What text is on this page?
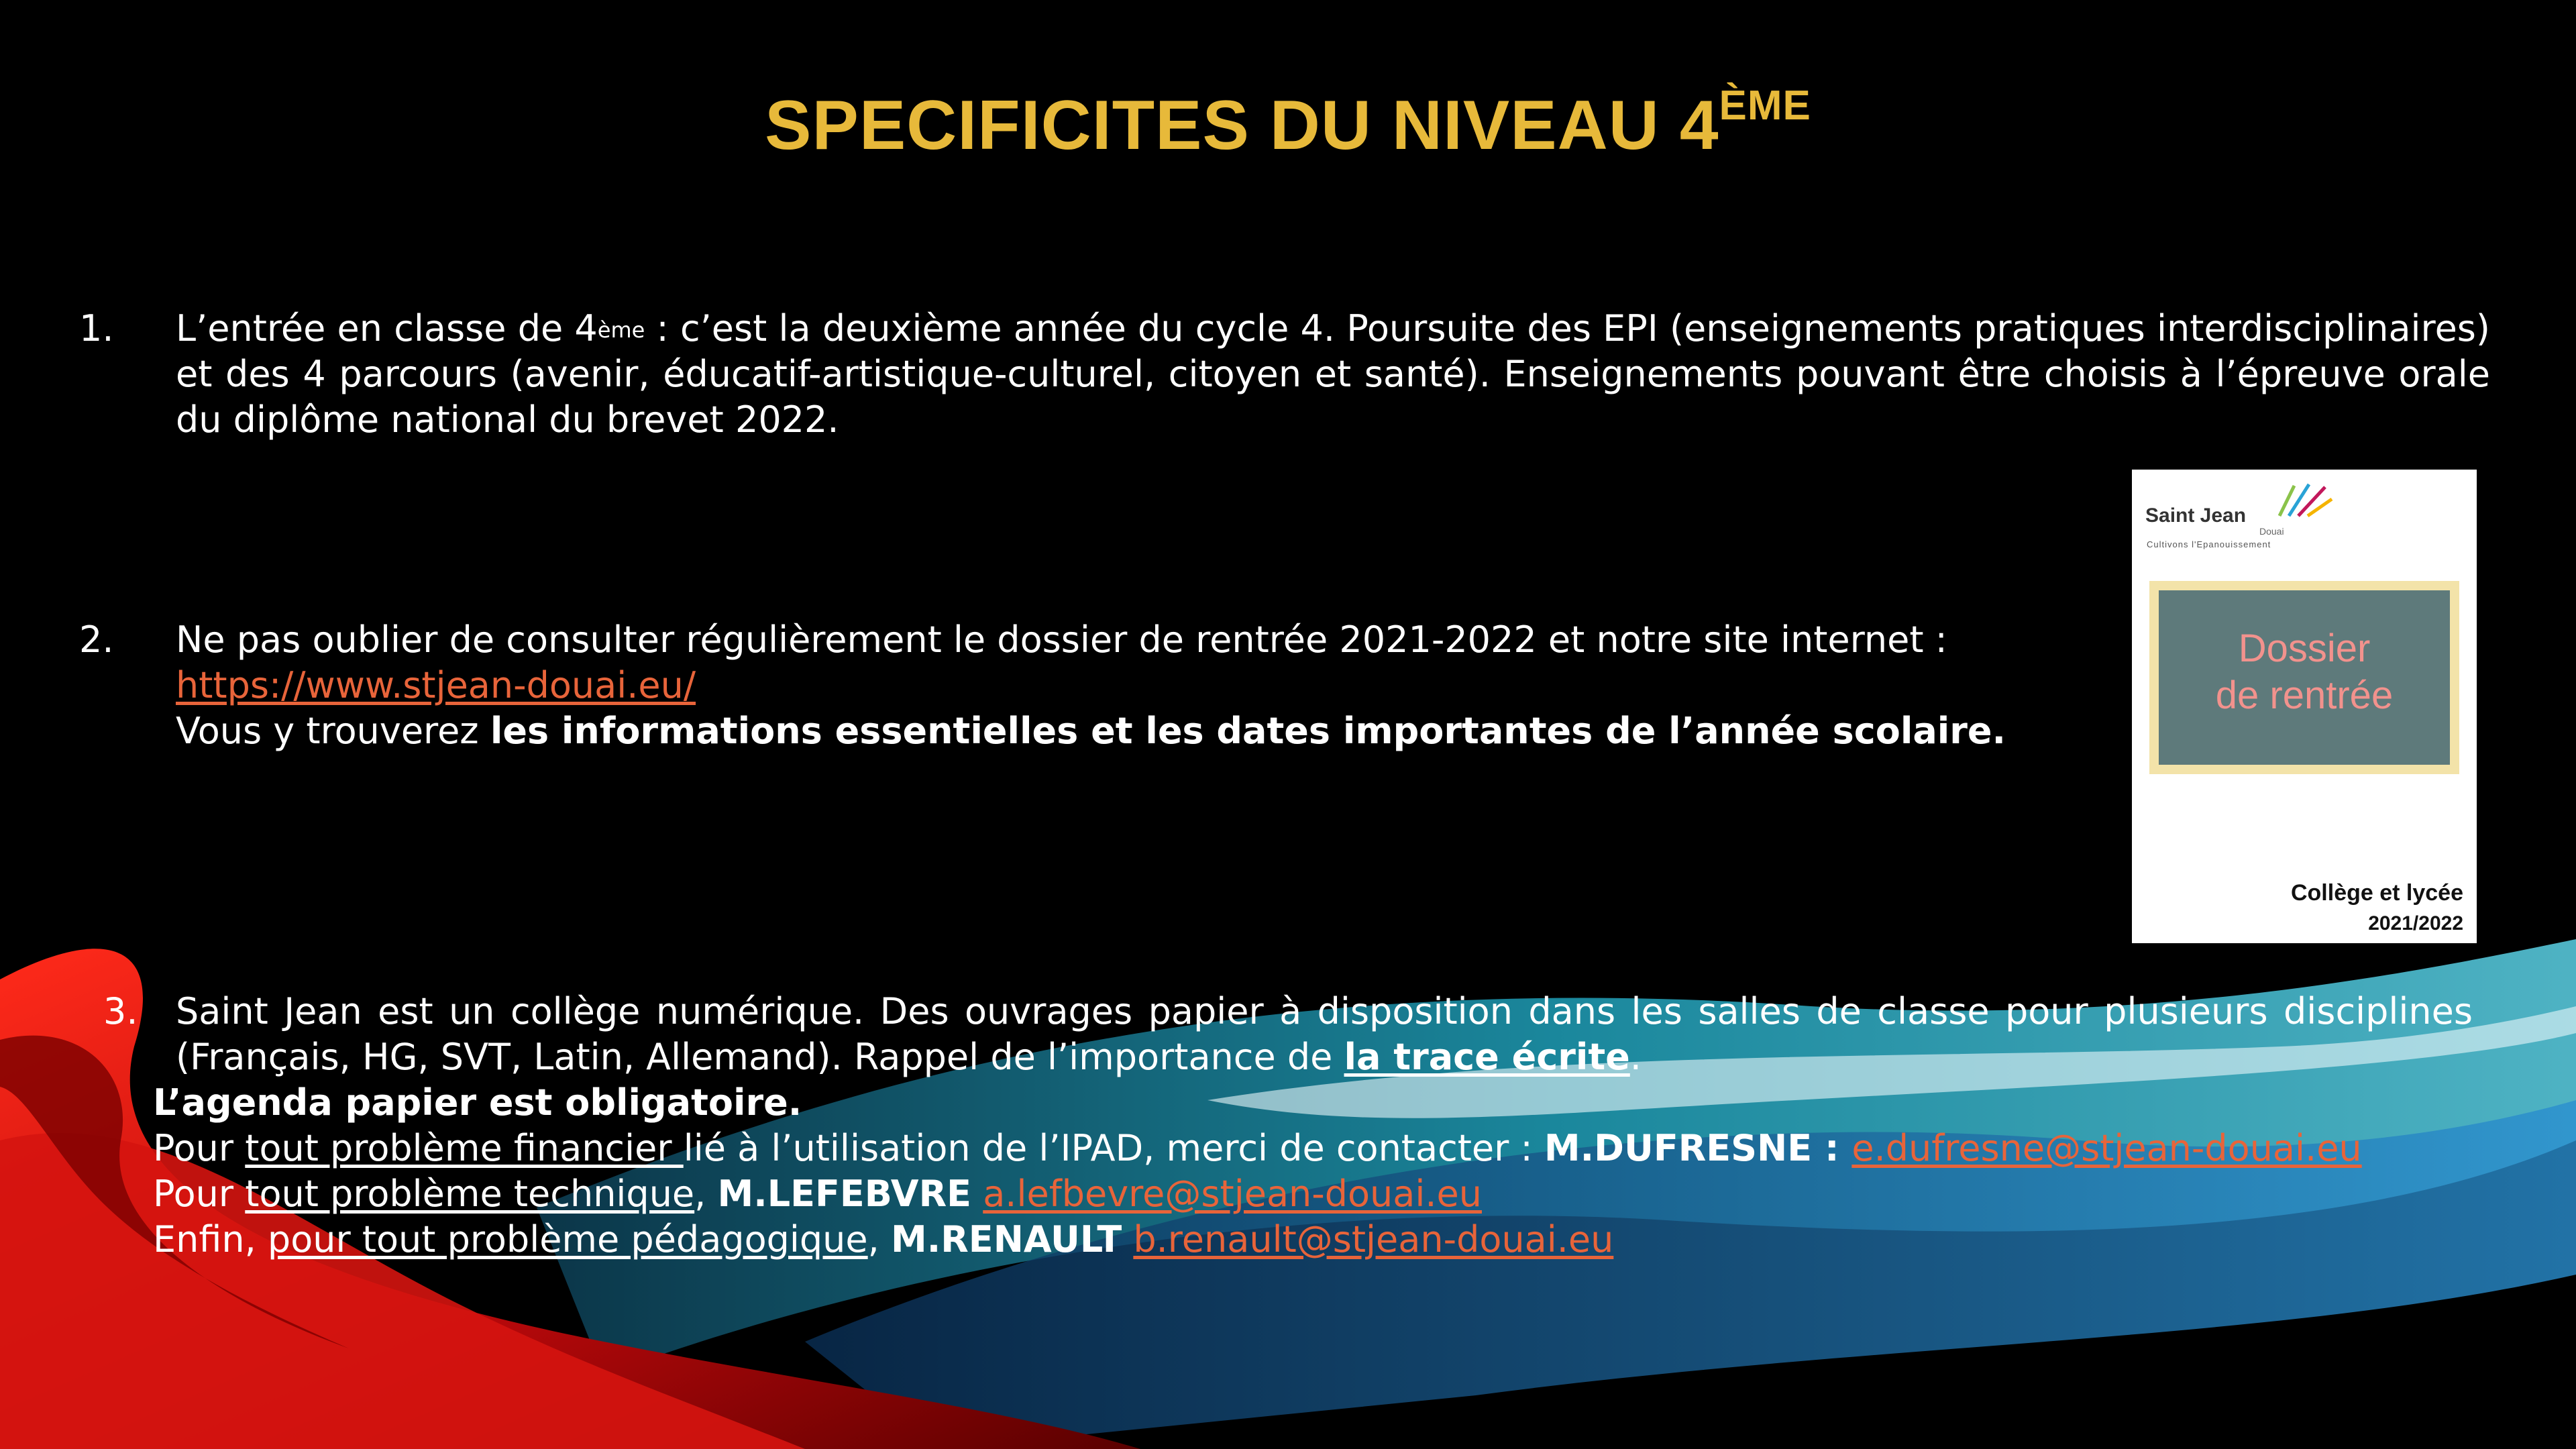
SPECIFICITES DU NIVEAU 4ÈME
1. L’entrée en classe de 4ème : c’est la deuxième année du cycle 4. Poursuite des EPI (enseignements pratiques interdisciplinaires) et des 4 parcours (avenir, éducatif-artistique-culturel, citoyen et santé). Enseignements pouvant être choisis à l’épreuve orale du diplôme national du brevet 2022.
2. Ne pas oublier de consulter régulièrement le dossier de rentrée 2021-2022 et notre site internet :
https://www.stjean-douai.eu/
Vous y trouverez les informations essentielles et les dates importantes de l’année scolaire.
Saint Jean
Douai
Cultivons l'Epanouissement
Dossier
de rentrée
Collège et lycée
2021/2022
3. Saint Jean est un collège numérique. Des ouvrages papier à disposition dans les salles de classe pour plusieurs disciplines (Français, HG, SVT, Latin, Allemand). Rappel de l’importance de la trace écrite.
L’agenda papier est obligatoire.
Pour tout problème financier lié à l’utilisation de l’IPAD, merci de contacter : M.DUFRESNE : e.dufresne@stjean-douai.eu
Pour tout problème technique, M.LEFEBVRE a.lefbevre@stjean-douai.eu
Enfin, pour tout problème pédagogique, M.RENAULT b.renault@stjean-douai.eu
